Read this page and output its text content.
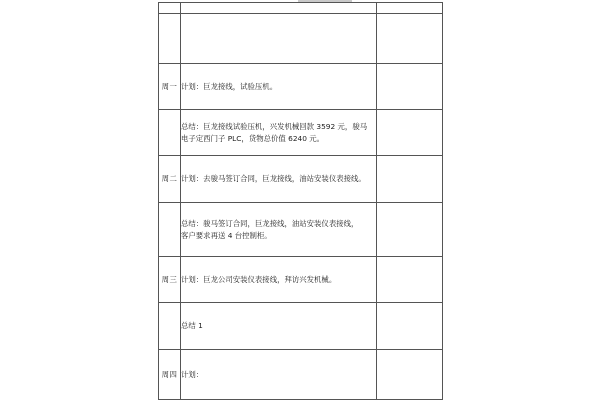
周一	计划：巨龙接线，试验压机。	

	总结：巨龙接线试验压机，兴发机械回款 3592 元，骏马
电子定西门子 PLC，货物总价值 6240 元。	

周二	计划：去骏马签订合同，巨龙接线，油站安装仪表接线。	

	总结：骏马签订合同，巨龙接线，油站安装仪表接线，
客户要求再送 4 台控制柜。	

周三	计划：巨龙公司安装仪表接线，拜访兴发机械。	

	总结 1	

周四	计划：	
